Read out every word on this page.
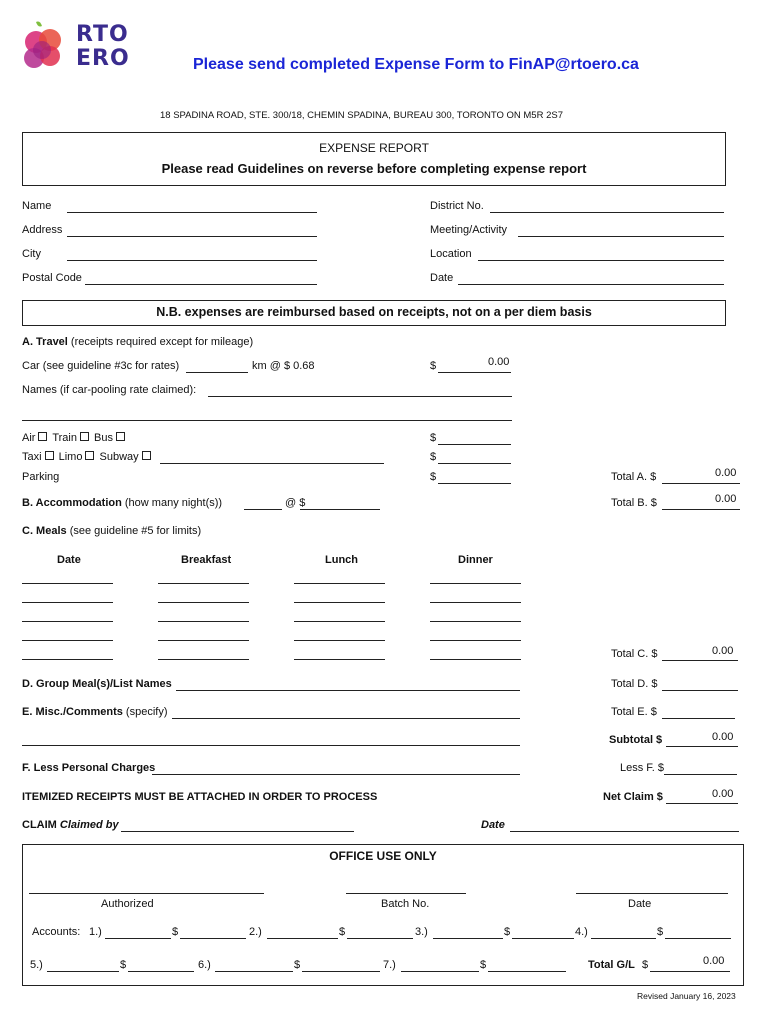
RTO
ERO	Please send completed Expense Form to FinAP@rtoero.ca
18 SPADINA ROAD, STE. 300/18, CHEMIN SPADINA, BUREAU 300, TORONTO ON M5R 2S7
EXPENSE REPORT
Please read Guidelines on reverse before completing expense report
Name
Address
City
Postal Code
District No.
Meeting/Activity
Location
Date
N.B. expenses are reimbursed based on receipts, not on a per diem basis
A. Travel (receipts required except for mileage)
Car (see guideline #3c for rates)	km @ $ 0.68	$	0.00
Names (if car-pooling rate claimed):
Air Train Bus	$
Taxi Limo Subway	$
Parking	$	Total A. $	0.00
B. Accommodation (how many night(s))	@ $	Total B. $	0.00
C. Meals (see guideline #5 for limits)
Date	Breakfast	Lunch	Dinner
Total C. $	0.00
D. Group Meal(s)/List Names	Total D. $
E. Misc./Comments (specify)	Total E. $
Subtotal $	0.00
F. Less Personal Charges	Less F. $
ITEMIZED RECEIPTS MUST BE ATTACHED IN ORDER TO PROCESS	Net Claim $	0.00
CLAIM Claimed by	Date
OFFICE USE ONLY
Authorized	Batch No.	Date
Accounts: 1.)	$	2.)	$	3.)	$	4.)	$
5.)	$	6.)	$	7.)	$	Total G/L $	0.00
Revised January 16, 2023
